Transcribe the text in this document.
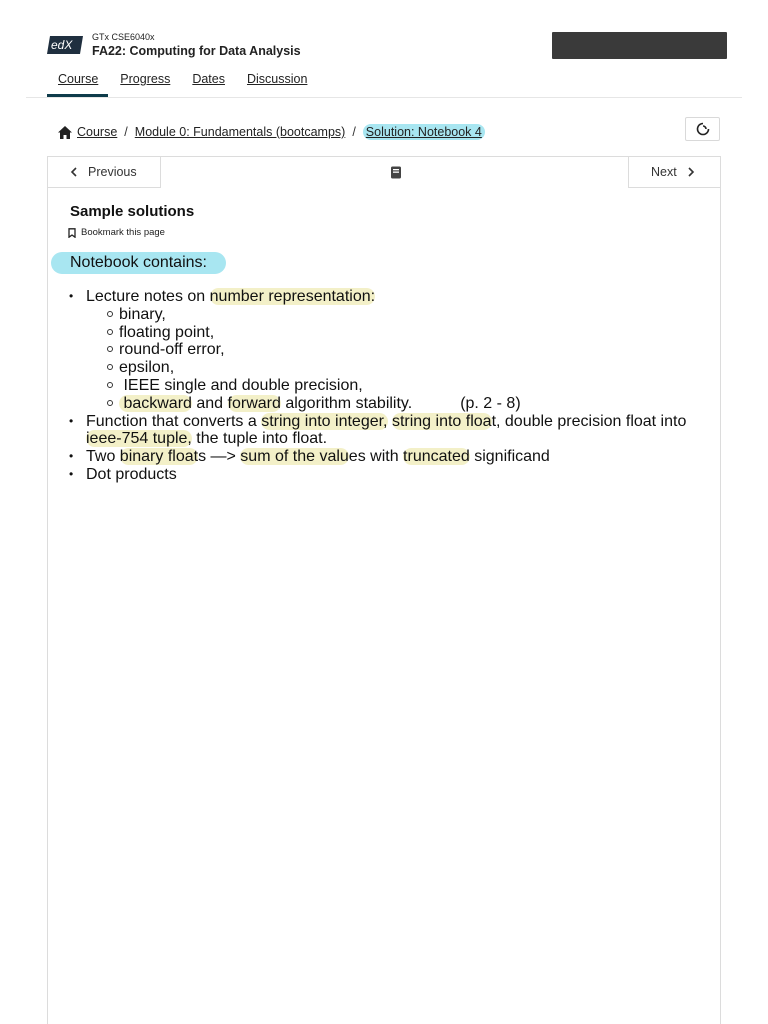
edX
GTx CSE6040x
FA22: Computing for Data Analysis
Course	Progress Dates Discussion
Course / Module 0: Fundamentals (bootcamps) / Solution: Notebook 4
Previous	Next
Sample solutions
Bookmark this page
Notebook contains:
• Lecture notes on number representation:
binary,
floating point,
round-off error,
epsilon,
IEEE single and double precision,
backward and forward algorithm stability.	(p. 2 - 8)
• Function that converts a string into integer, string into float, double precision float into ieee-754 tuple, the tuple into float.
• Two binary floats —> sum of the values with truncated significand
• Dot products
